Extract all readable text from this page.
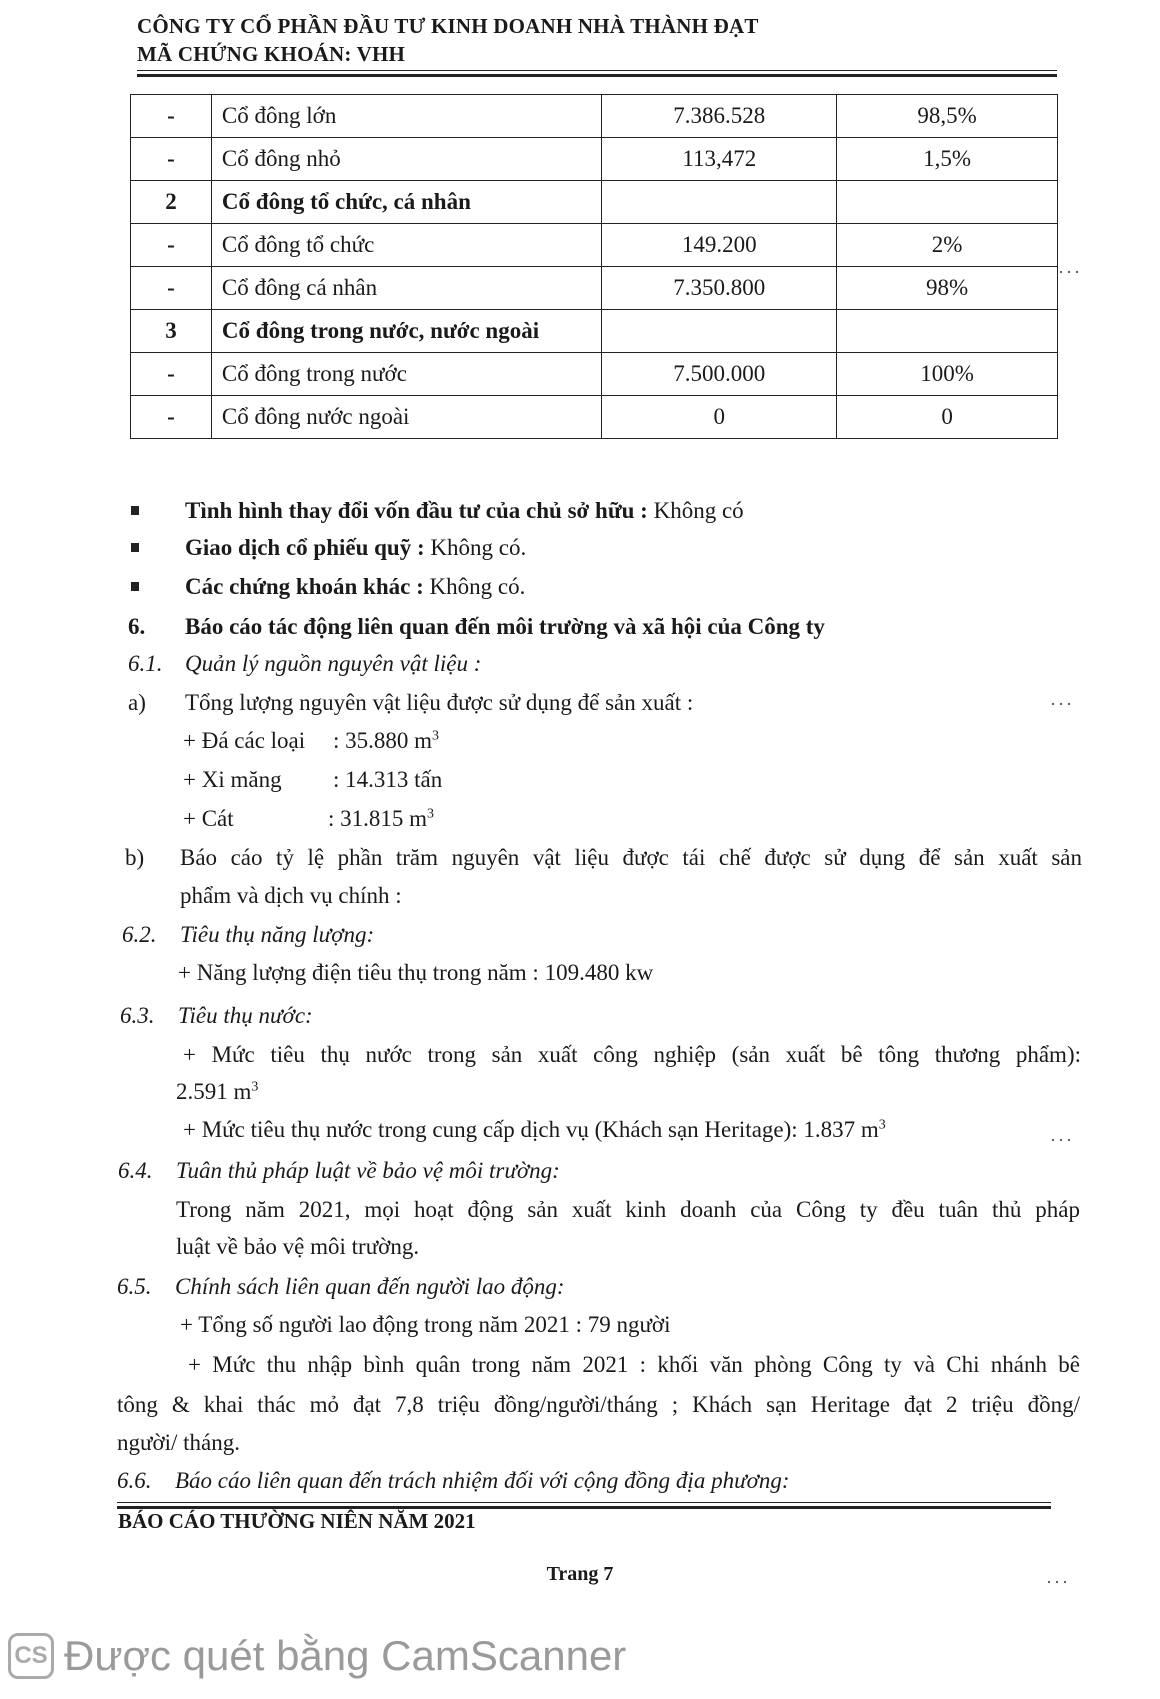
CÔNG TY CỔ PHẦN ĐẦU TƯ KINH DOANH NHÀ THÀNH ĐẠT
MÃ CHỨNG KHOÁN: VHH
-	Cổ đông lớn	7.386.528	98,5%
-	Cổ đông nhỏ	113,472	1,5%
2	Cổ đông tổ chức, cá nhân		
-	Cổ đông tổ chức	149.200	2%
-	Cổ đông cá nhân	7.350.800	98%
3	Cổ đông trong nước, nước ngoài		
-	Cổ đông trong nước	7.500.000	100%
-	Cổ đông nước ngoài	0	0
Tình hình thay đổi vốn đầu tư của chủ sở hữu : Không có
Giao dịch cổ phiếu quỹ : Không có.
Các chứng khoán khác : Không có.
6. Báo cáo tác động liên quan đến môi trường và xã hội của Công ty
6.1. Quản lý nguồn nguyên vật liệu :
a) Tổng lượng nguyên vật liệu được sử dụng để sản xuất :
+ Đá các loại : 35.880 $m^3$
+ Xi măng : 14.313 tấn
+ Cát	: 31.815 $m^3$
b) Báo cáo tỷ lệ phần trăm nguyên vật liệu được tái chế được sử dụng để sản xuất sản
phẩm và dịch vụ chính :
6.2. Tiêu thụ năng lượng:
+ Năng lượng điện tiêu thụ trong năm : 109.480 kw
6.3. Tiêu thụ nước:
+ Mức tiêu thụ nước trong sản xuất công nghiệp (sản xuất bê tông thương phẩm):
2.591 $m^3$
+ Mức tiêu thụ nước trong cung cấp dịch vụ (Khách sạn Heritage): 1.837 $m^3$
6.4. Tuân thủ pháp luật về bảo vệ môi trường:
Trong năm 2021, mọi hoạt động sản xuất kinh doanh của Công ty đều tuân thủ pháp
luật về bảo vệ môi trường.
6.5. Chính sách liên quan đến người lao động:
+ Tổng số người lao động trong năm 2021 : 79 người
+ Mức thu nhập bình quân trong năm 2021 : khối văn phòng Công ty và Chi nhánh bê
tông & khai thác mỏ đạt 7,8 triệu đồng/người/tháng ; Khách sạn Heritage đạt 2 triệu đồng/
người/ tháng.
6.6. Báo cáo liên quan đến trách nhiệm đối với cộng đồng địa phương:
BÁO CÁO THƯỜNG NIÊN NĂM 2021
Trang 7
···
···
···
···
CS Được quét bằng CamScanner
